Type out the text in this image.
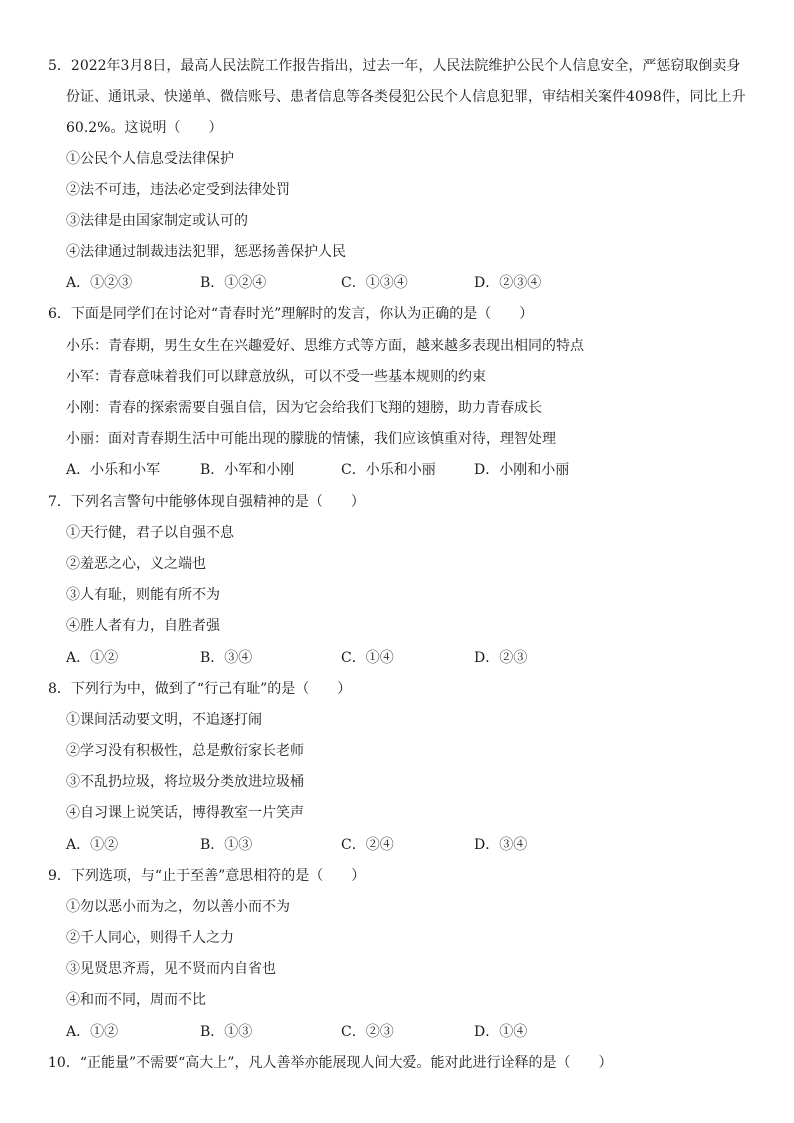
5．2022年3月8日，最高人民法院工作报告指出，过去一年，人民法院维护公民个人信息安全，严惩窃取倒卖身
份证、通讯录、快递单、微信账号、患者信息等各类侵犯公民个人信息犯罪，审结相关案件4098件，同比上升
60.2%。这说明（　　）
①公民个人信息受法律保护
②法不可违，违法必定受到法律处罚
③法律是由国家制定或认可的
④法律通过制裁违法犯罪，惩恶扬善保护人民
A．①②③	B．①②④	C．①③④	D．②③④
6．下面是同学们在讨论对“青春时光”理解时的发言，你认为正确的是（　　）
小乐：青春期，男生女生在兴趣爱好、思维方式等方面，越来越多表现出相同的特点
小军：青春意味着我们可以肆意放纵，可以不受一些基本规则的约束
小刚：青春的探索需要自强自信，因为它会给我们飞翔的翅膀，助力青春成长
小丽：面对青春期生活中可能出现的朦胧的情愫，我们应该慎重对待，理智处理
A．小乐和小军	B．小军和小刚	C．小乐和小丽	D．小刚和小丽
7．下列名言警句中能够体现自强精神的是（　　）
①天行健，君子以自强不息
②羞恶之心，义之端也
③人有耻，则能有所不为
④胜人者有力，自胜者强
A．①②	B．③④	C．①④	D．②③
8．下列行为中，做到了“行己有耻”的是（　　）
①课间活动要文明，不追逐打闹
②学习没有积极性，总是敷衍家长老师
③不乱扔垃圾，将垃圾分类放进垃圾桶
④自习课上说笑话，博得教室一片笑声
A．①②	B．①③	C．②④	D．③④
9．下列选项，与“止于至善”意思相符的是（　　）
①勿以恶小而为之，勿以善小而不为
②千人同心，则得千人之力
③见贤思齐焉，见不贤而内自省也
④和而不同，周而不比
A．①②	B．①③	C．②③	D．①④
10．“正能量”不需要“高大上”，凡人善举亦能展现人间大爱。能对此进行诠释的是（　　）
